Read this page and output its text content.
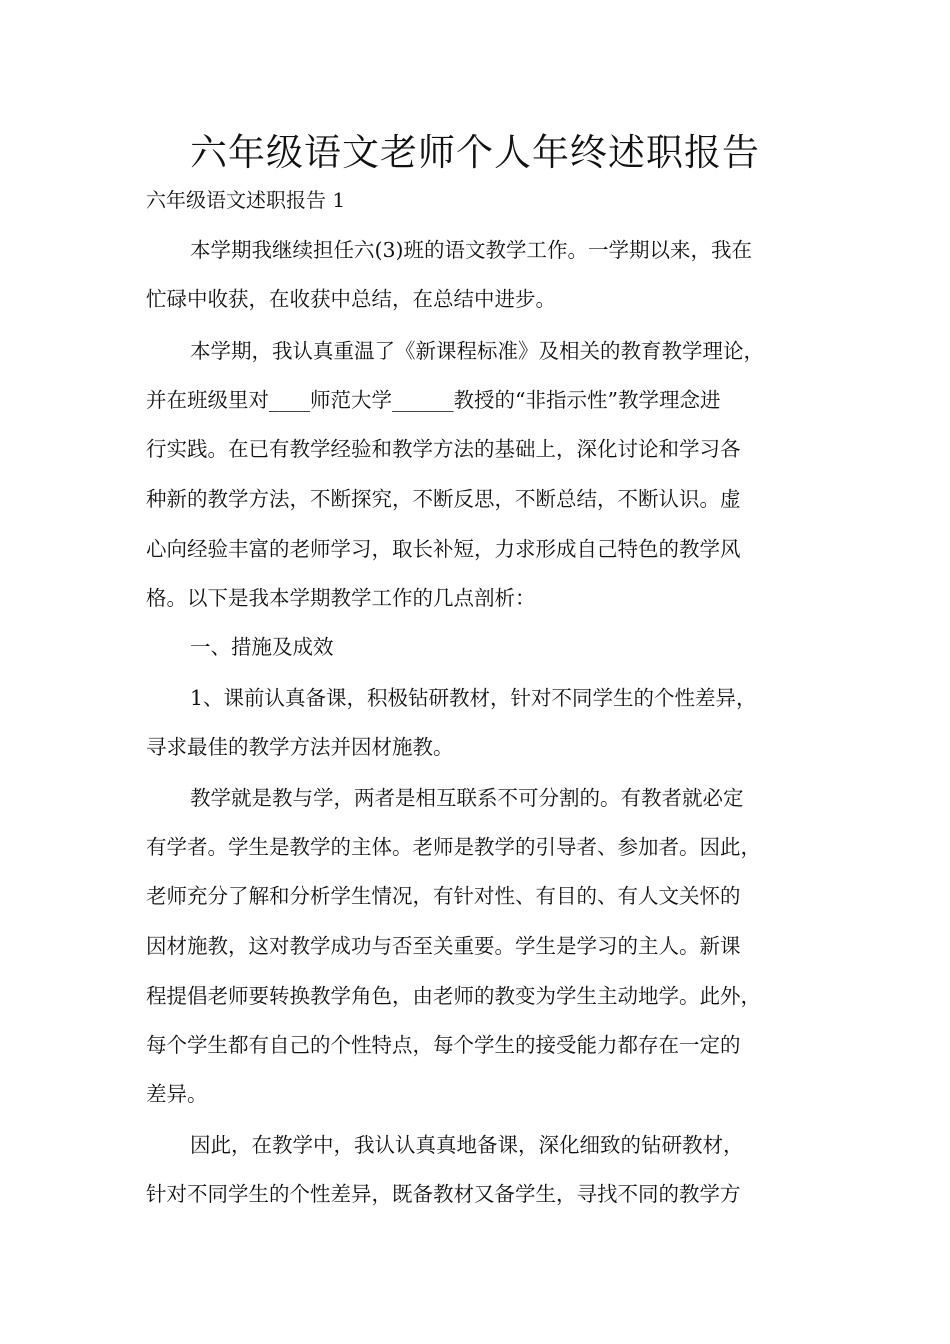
六年级语文老师个人年终述职报告

六年级语文述职报告 1

本学期我继续担任六(3)班的语文教学工作。一学期以来，我在

忙碌中收获，在收获中总结，在总结中进步。

本学期，我认真重温了《新课程标准》及相关的教育教学理论，

并在班级里对____师范大学______教授的“非指示性”教学理念进

行实践。在已有教学经验和教学方法的基础上，深化讨论和学习各

种新的教学方法，不断探究，不断反思，不断总结，不断认识。虚

心向经验丰富的老师学习，取长补短，力求形成自己特色的教学风

格。以下是我本学期教学工作的几点剖析：

一、措施及成效

1、课前认真备课，积极钻研教材，针对不同学生的个性差异，

寻求最佳的教学方法并因材施教。

教学就是教与学，两者是相互联系不可分割的。有教者就必定

有学者。学生是教学的主体。老师是教学的引导者、参加者。因此，

老师充分了解和分析学生情况，有针对性、有目的、有人文关怀的

因材施教，这对教学成功与否至关重要。学生是学习的主人。新课

程提倡老师要转换教学角色，由老师的教变为学生主动地学。此外，

每个学生都有自己的个性特点，每个学生的接受能力都存在一定的

差异。

因此，在教学中，我认认真真地备课，深化细致的钻研教材，

针对不同学生的个性差异，既备教材又备学生，寻找不同的教学方
